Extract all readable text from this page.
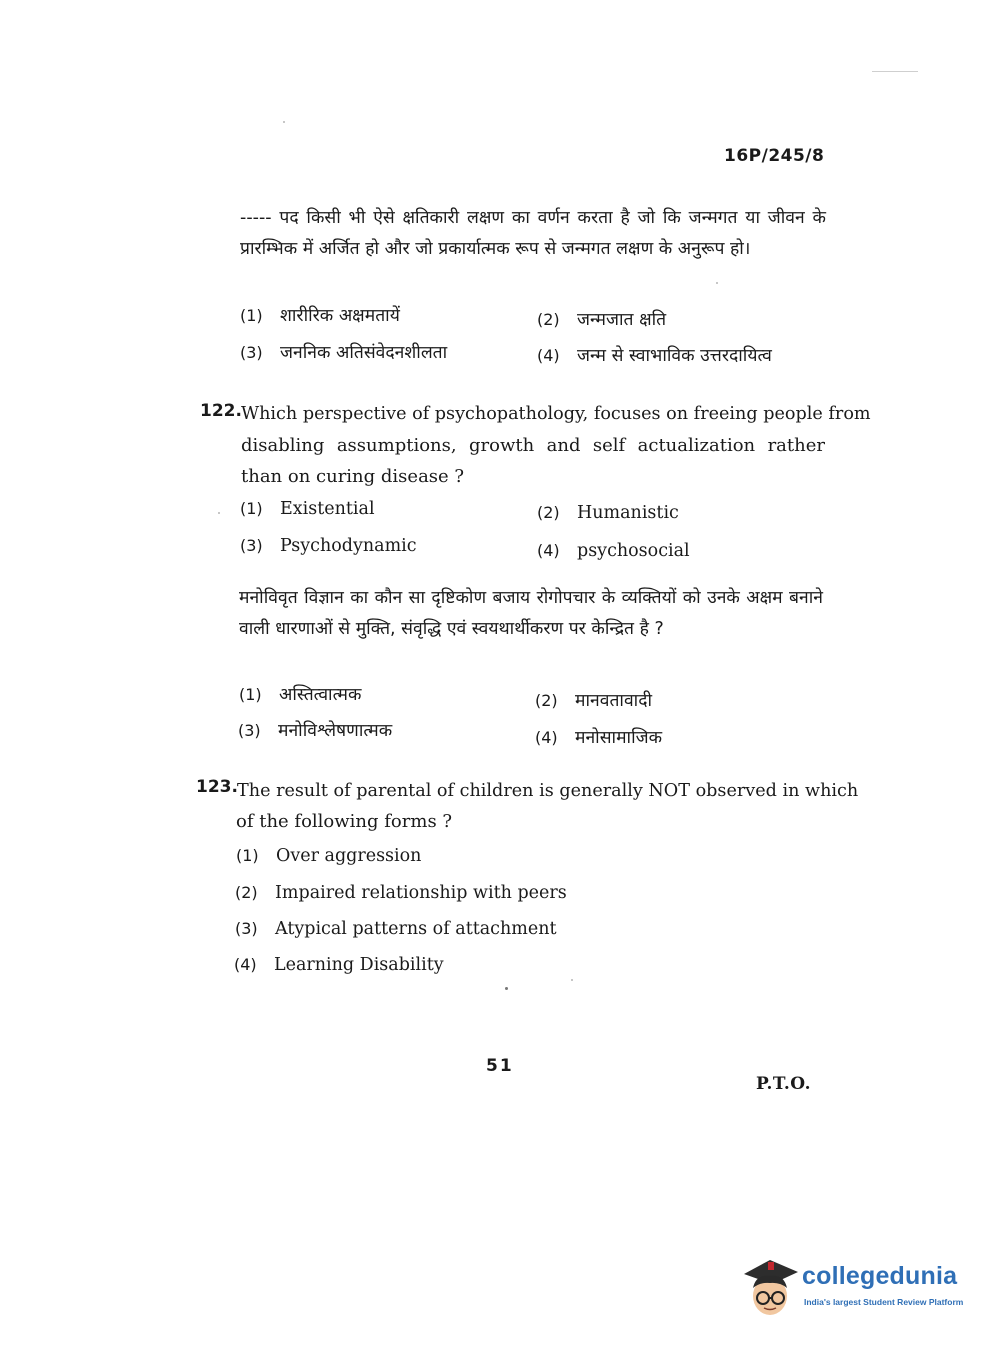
16P/245/8
----- पद किसी भी ऐसे क्षतिकारी लक्षण का वर्णन करता है जो कि जन्मगत या जीवन के प्रारम्भिक में अर्जित हो और जो प्रकार्यात्मक रूप से जन्मगत लक्षण के अनुरूप हो।
(1) शारीरिक अक्षमतायें	(2) जन्मजात क्षति
(3) जननिक अतिसंवेदनशीलता	(4) जन्म से स्वाभाविक उत्तरदायित्व
122. Which perspective of psychopathology, focuses on freeing people from
disabling assumptions, growth and self actualization rather than on curing disease ?
(1) Existential	(2) Humanistic
(3) Psychodynamic	(4) psychosocial
मनोविवृत विज्ञान का कौन सा दृष्टिकोण बजाय रोगोपचार के व्यक्तियों को उनके अक्षम बनाने वाली धारणाओं से मुक्ति, संवृद्धि एवं स्वयथार्थीकरण पर केन्द्रित है ?
(1) अस्तित्वात्मक	(2) मानवतावादी
(3) मनोविश्लेषणात्मक	(4) मनोसामाजिक
123. The result of parental of children is generally NOT observed in which
of the following forms ?
(1) Over aggression
(2) Impaired relationship with peers
(3) Atypical patterns of attachment
(4) Learning Disability
51
P.T.O.
collegedunia
India's largest Student Review Platform
